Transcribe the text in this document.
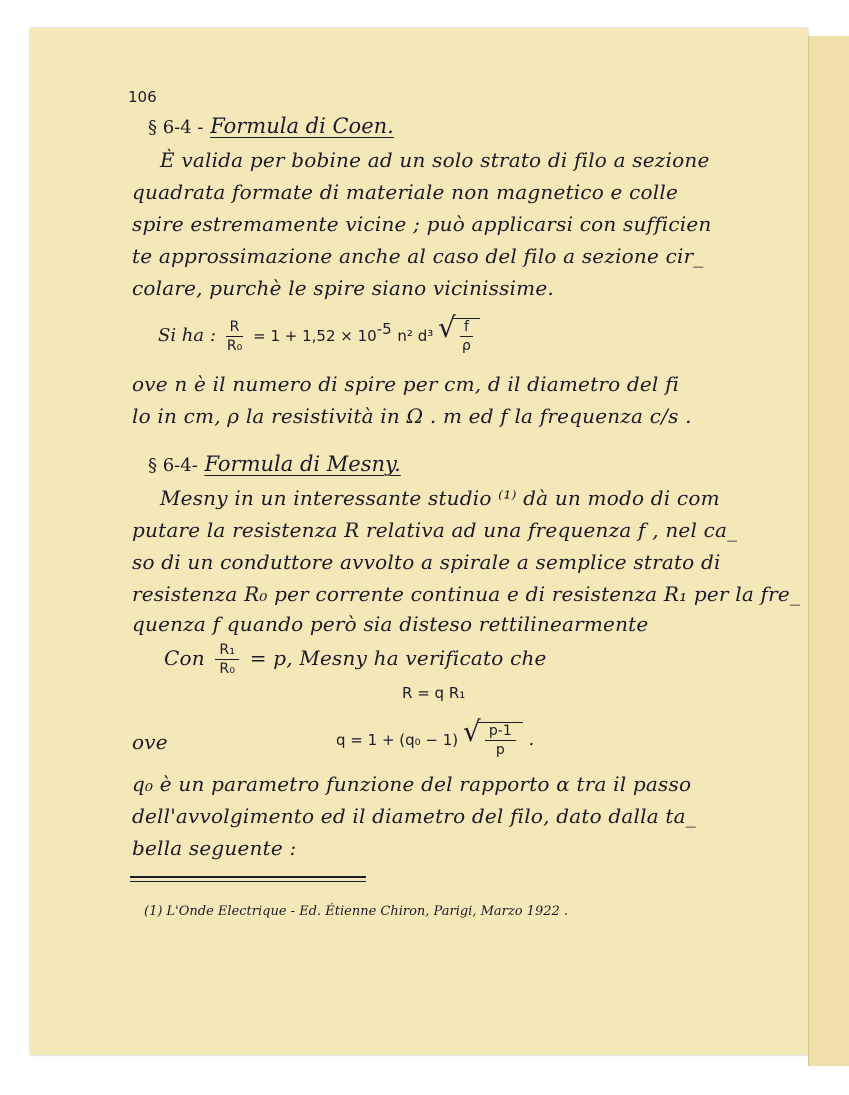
106
§ 6-4 - Formula di Coen.
È valida per bobine ad un solo strato di filo a sezione
quadrata formate di materiale non magnetico e colle
spire estremamente vicine ; può applicarsi con sufficien
te approssimazione anche al caso del filo a sezione cir_
colare, purchè le spire siano vicinissime.
Si ha : $\frac{R}{\text{R₀}} = 1 + 1,52 \times 10^{-5}$ n² d³ √ $\frac{f}{\rho}$
ove n è il numero di spire per cm, d il diametro del fi
lo in cm, ρ la resistività in Ω . m ed f la frequenza c/s .
§ 6-4- Formula di Mesny.
Mesny in un interessante studio ⁽¹⁾ dà un modo di com
putare la resistenza R relativa ad una frequenza f , nel ca_
so di un conduttore avvolto a spirale a semplice strato di
resistenza R₀ per corrente continua e di resistenza R₁ per la fre_
quenza f quando però sia disteso rettilinearmente
Con $\frac{\text{R₁}}{\text{R₀}} = p$, Mesny ha verificato che
R = q R₁
ove	q = 1 + (q₀ − 1) √ $\frac{p-1}{p}$ .
q₀ è un parametro funzione del rapporto α tra il passo
dell'avvolgimento ed il diametro del filo, dato dalla ta_
bella seguente :
(1) L'Onde Electrique - Ed. Étienne Chiron, Parigi, Marzo 1922 .
